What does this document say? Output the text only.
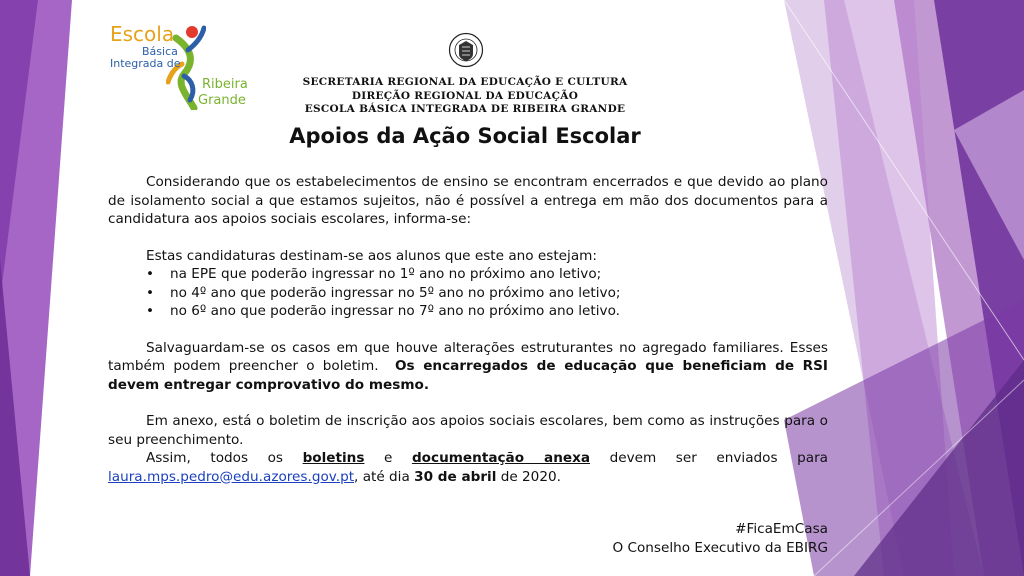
Escola
Básica
Integrada de
Ribeira
Grande
SECRETARIA REGIONAL DA EDUCAÇÃO E CULTURA
DIREÇÃO REGIONAL DA EDUCAÇÃO
ESCOLA BÁSICA INTEGRADA DE RIBEIRA GRANDE
Apoios da Ação Social Escolar

Considerando que os estabelecimentos de ensino se encontram encerrados e que devido ao plano de isolamento social a que estamos sujeitos, não é possível a entrega em mão dos documentos para a candidatura aos apoios sociais escolares, informa-se:

Estas candidaturas destinam-se aos alunos que este ano estejam:

• na EPE que poderão ingressar no 1º ano no próximo ano letivo;
• no 4º ano que poderão ingressar no 5º ano no próximo ano letivo;
• no 6º ano que poderão ingressar no 7º ano no próximo ano letivo.

Salvaguardam-se os casos em que houve alterações estruturantes no agregado familiares. Esses também podem preencher o boletim. Os encarregados de educação que beneficiam de RSI devem entregar comprovativo do mesmo.

Em anexo, está o boletim de inscrição aos apoios sociais escolares, bem como as instruções para o seu preenchimento.

Assim, todos os boletins e documentação anexa devem ser enviados para laura.mps.pedro@edu.azores.gov.pt, até dia 30 de abril de 2020.

#FicaEmCasa
O Conselho Executivo da EBIRG
